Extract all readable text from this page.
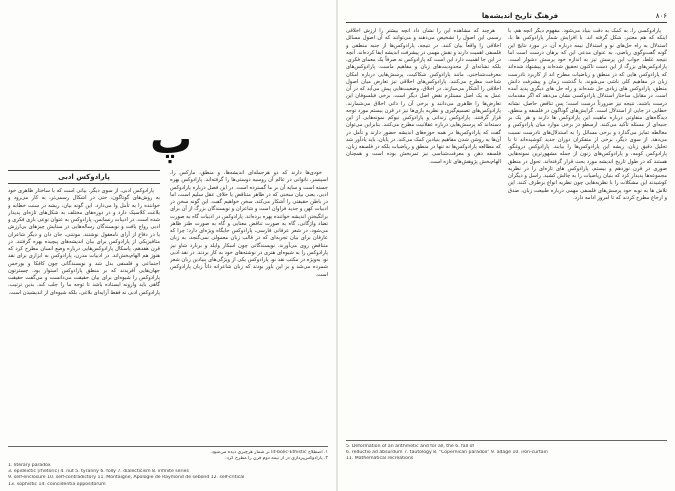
پ
پارادوکس ادبی

پارادوکس ادبی، از سوی دیگر، بیانی است که با ساختار ظاهری خود به روش‌های گوناگون، حتی در اشکال رسمی‌تر، به کار می‌رود و خواننده را به تأمل وا می‌دارد. این گونه بیان، ریشه در سنت خطابه و بلاغت کلاسیک دارد و در دوره‌های مختلف به شکل‌های تازه‌ای پدیدار شده است. در ادبیات رنسانس، پارادوکس به عنوان نوعی بازی فکری و ادبی رواج یافت و نویسندگان رساله‌هایی در ستایش چیزهای بی‌ارزش یا در دفاع از آرای نامعقول نوشتند. مونتنی، جان دان و دیگر شاعران متافیزیکی از پارادوکس برای بیان اندیشه‌های پیچیده بهره گرفتند. در قرن هفدهم، پاسکال پارادوکس‌هایی درباره وضع انسان مطرح کرد که هنوز هم الهام‌بخش‌اند. در ادبیات مدرن، پارادوکس به ابزاری برای نقد اجتماعی و فلسفی بدل شد و نویسندگانی چون کافکا و بورخس جهان‌هایی آفریدند که بر منطق پارادوکس استوار بود. چسترتون پارادوکس را شیوه‌ای برای بیان حقیقت می‌دانست و می‌گفت حقیقت گاهی باید وارونه ایستاده باشد تا توجه ما را جلب کند. بدین ترتیب، پارادوکس ادبی نه فقط آرایه‌ای بلاغی، بلکه شیوه‌ای از اندیشیدن است.

خودی‌ها دارند که دو هرجمله‌ای اندیشه‌ها، و منطق، مارکس را، اسپنسر، ناتوانی در عالم آن روسیه دوستی‌ها را گرفته‌اند. پارادوکس بهره جسته است و سایه آن بر ما گسترده است. در این فصل درباره پارادوکس ادبی، یعنی بیان سخنی که در ظاهر متناقض یا خلاف عقل سلیم است، اما در باطن حقیقتی را آشکار می‌کند، سخن خواهیم گفت. این گونه سخن در ادبیات کهن و جدید فراوان است و شاعران و نویسندگان بزرگ از آن برای برانگیختن اندیشه خواننده بهره برده‌اند. پارادوکس در ادبیات گاه به صورت تضاد واژگانی، گاه به صورت تناقض معنایی و گاه به صورت طنز ظاهر می‌شود. در شعر عرفانی فارسی، پارادوکس جایگاه ویژه‌ای دارد؛ چرا که عارفان برای بیان تجربه‌ای که در قالب زبان معمولی نمی‌گنجد، به زبان متناقض روی می‌آورند. نویسندگانی چون اسکار وایلد و برنارد شاو نیز پارادوکس را به شیوه‌ای هنری در نوشته‌های خود به کار بردند. در نقد ادبی نو، به‌ویژه در مکتب نقد نو، پارادوکس یکی از ویژگی‌های بنیادین زبان شعر شمرده می‌شد و بر این باور بودند که زبان شاعرانه ذاتاً زبان پارادوکس است.

۱. اصطلاح lit-bolic-Ethistic بر شمار هرچیزی دیده می‌شود.
۲. پارادوکس‌پردازی در از نیمه دوم قرن را مطرح کرد.
1. literary paradox
3. epideictic [rhetoric] 4. nut 5. tyranny 6. folly 7. dialecticism 8. infinite series
9. self-enclosure 10. self-contradictory 11. Montaigne, Apologie de Raymond de sebond 12. self-critical
13. sophistic 14. coincidentia oppositorum
۸۰۶
فرهنگ تاریخ اندیشه‌ها

پارادوکسی را، به کمک به دقت بنیاد می‌شود. مفهوم دیگر آنچه هم، با اینکه که هم معتبر، شکل گرفته اند. با افزایش شمار پارادوکس ها با، استدلال به راه حل‌های نو و استدلال نیمه درباره آن، در مورد نتایج این گونه گفت‌وگوی ریاضی، به عنوان مدعی این که برهان درست است اما نتیجه غلط، جواب این پرسش نیز به اندازه خود پرسش دشوار است. پارادوکس‌های بزرگ از این دست تاکنون تحقیق شده‌اند و پیشنهاد شده‌اند که پارادوکس هایی که در منطق و ریاضیات مطرح اند از کاربرد نادرست زبان در مفاهیم کلی ناشی می‌شوند. با گذشت زمان و پیشرفت دانش منطق، پارادوکس های زیادی حل شده‌اند و راه حل های دیگری پدید آمده است. در مقابل، ساختار استدلال پارادوکسی نشان می‌دهد که اگر مقدمات درست باشند، نتیجه نیز ضرورتاً درست است؛ پس تناقض حاصل، نشانه خطایی در جایی از استدلال است. گرایش‌های گوناگون در فلسفه و منطق، دیدگاه‌های متفاوتی درباره ماهیت این پارادوکس ها دارند و هر یک بر جنبه‌ای از مسئله تأکید می‌کنند. ارسطو در برخی موارد میان پارادوکس و مغالطه تمایز می‌گذارد و برخی مسائل را به استدلال‌های نادرست نسبت می‌دهد. از سوی دیگر، برخی از متفکران دوران جدید کوشیده‌اند تا با تحلیل دقیق زبان، ریشه این پارادوکس‌ها را بیابند. پارادوکس دروغگو، پارادوکس کومه، و پارادوکس‌های زنون از جمله مشهورترین نمونه‌هایی هستند که در طول تاریخ اندیشه مورد بحث قرار گرفته‌اند. تحول در منطق صوری در قرن نوزدهم و بیستم، پارادوکس های تازه‌ای را در نظریه مجموعه‌ها پدیدار کرد که بنیان ریاضیات را به چالش کشید. راسل و دیگران کوشیدند این مشکلات را با نظریه‌هایی چون نظریه انواع برطرف کنند. این تلاش ها به نوبه خود پرسش‌های فلسفی مهمی درباره طبیعت زبان، صدق و ارجاع مطرح کردند که تا امروز ادامه دارد.

هرچند که مشاهده این را نشان داد آنچه بیشتر را ارزش اخلاقی رسمی این اصول را تشخیص می‌دهند و می‌توانند که آن اصول مسائل اخلاقی را واقعاً بیان کنند. در نتیجه، پارادوکس‌ها از جنبه منطقی و فلسفی اهمیت دارند و نقش مهمی در پیشرفت اندیشه ایفا کرده‌اند. آنچه در این جا اهمیت دارد این است که پارادوکس نه صرفاً یک معمای فکری، بلکه نشانه‌ای از محدودیت‌های زبان و مفاهیم ماست. پارادوکس‌های معرفت‌شناختی، مانند پارادوکس شکاکیت، پرسش‌هایی درباره امکان شناخت مطرح می‌کنند. پارادوکس‌های اخلاقی نیز تعارض میان اصول اخلاقی را آشکار می‌سازند. در اخلاق، وضعیت‌هایی پیش می‌آید که در آن عمل به یک اصل مستلزم نقض اصل دیگر است. برخی فیلسوفان این تعارض‌ها را ظاهری می‌دانند و برخی آن را ذاتی اخلاق می‌شمارند. پارادوکس‌های تصمیم‌گیری و نظریه بازی‌ها نیز در قرن بیستم مورد توجه قرار گرفتند. پارادوکس زندانی و پارادوکس نیوکم نمونه‌هایی از این دسته‌اند که پرسش‌هایی درباره عقلانیت مطرح می‌کنند. بنابراین می‌توان گفت که پارادوکس‌ها در همه حوزه‌های اندیشه حضور دارند و تأمل در آن‌ها به روشن شدن مفاهیم بنیادین کمک می‌کند. در پایان، باید یادآور شد که مطالعه پارادوکس‌ها نه تنها در منطق و ریاضیات بلکه در فلسفه زبان، فلسفه ذهن و معرفت‌شناسی نیز ثمربخش بوده است و همچنان الهام‌بخش پژوهش‌های تازه است.

5. Deformation of an arithmetic and for all, the 6. fall of
6. reductio ad absurdum 7. tautology 8. "Copernican paradox" 9. adage 10. iron-curtain
11. Mathematical recreations
